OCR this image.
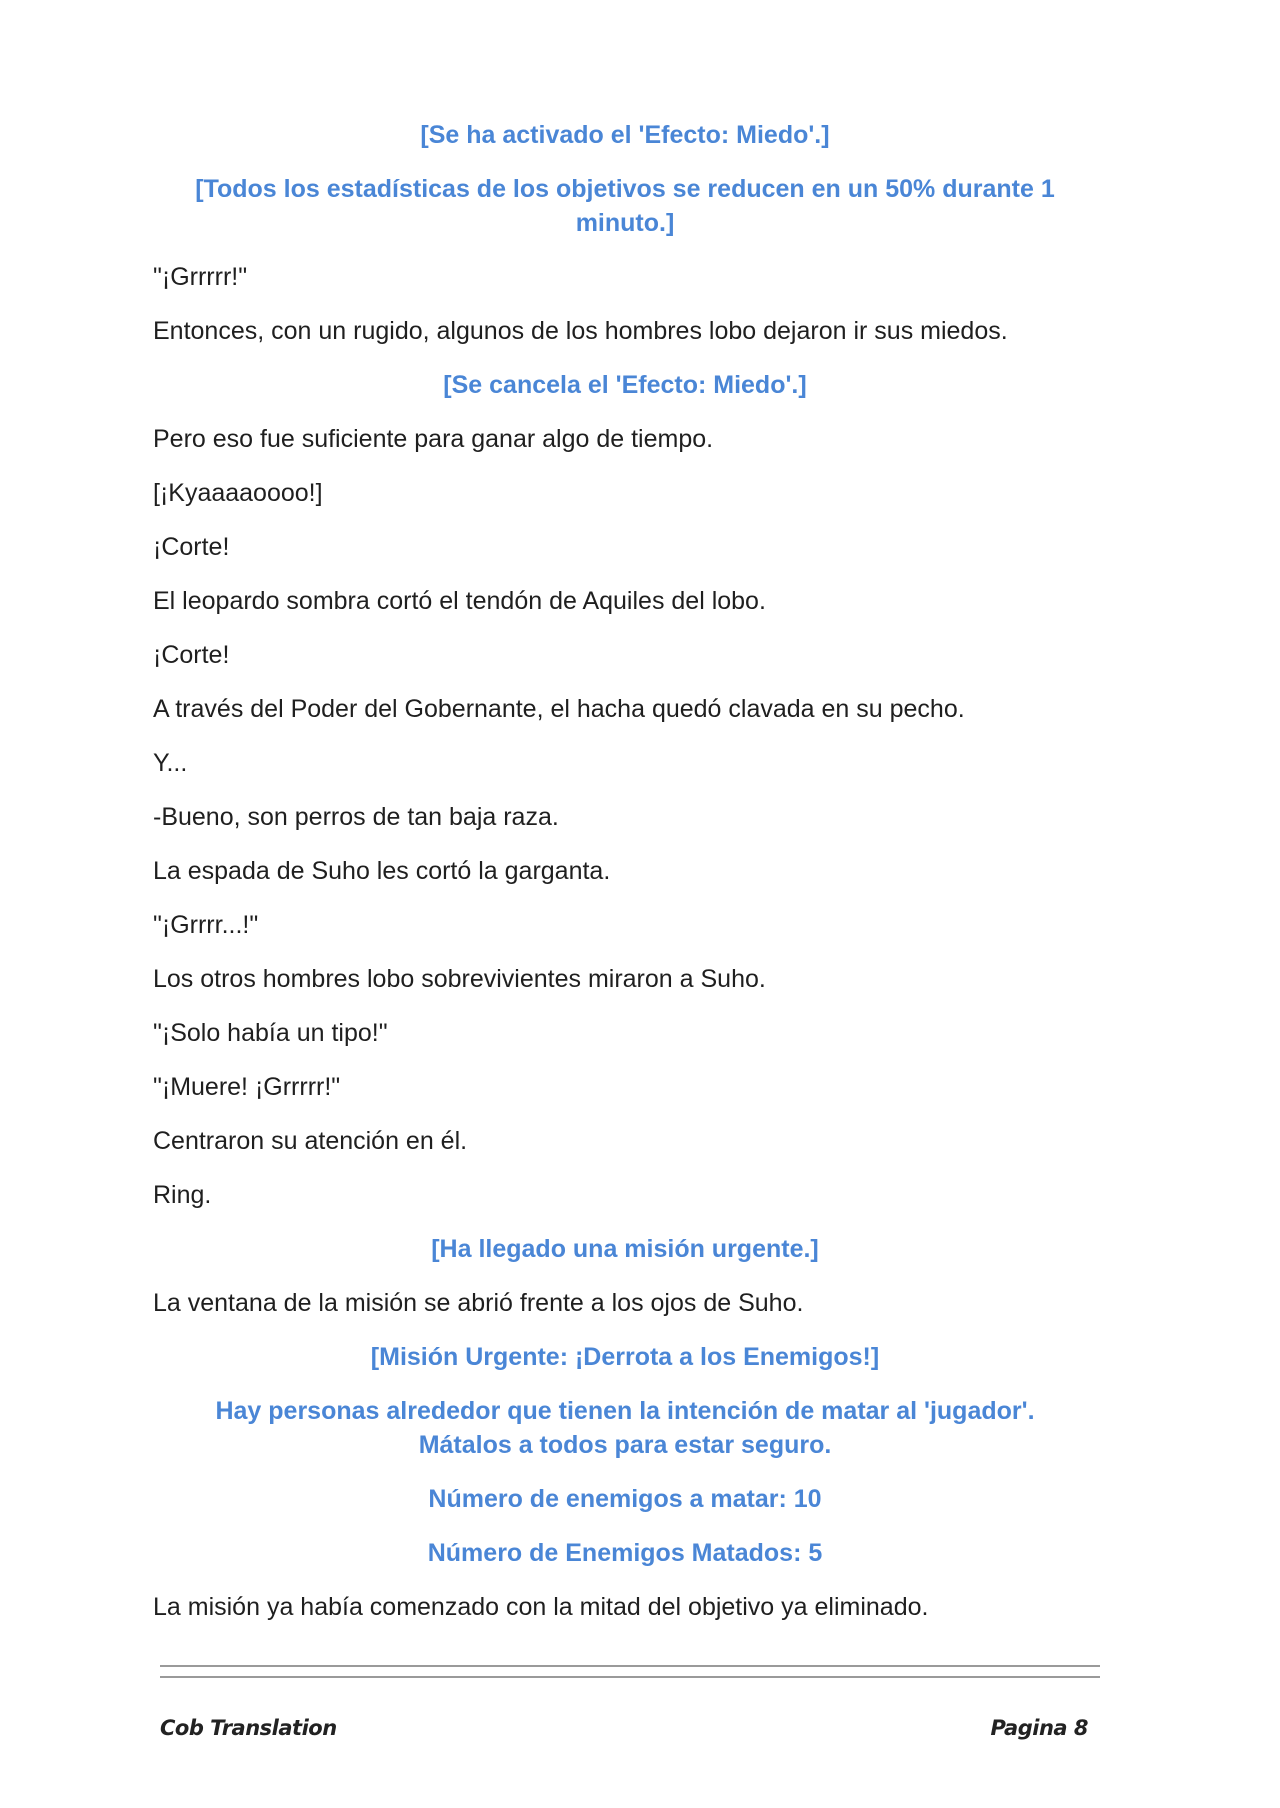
[Se ha activado el 'Efecto: Miedo'.]

[Todos los estadísticas de los objetivos se reducen en un 50% durante 1 minuto.]

"¡Grrrrr!"

Entonces, con un rugido, algunos de los hombres lobo dejaron ir sus miedos.

[Se cancela el 'Efecto: Miedo'.]

Pero eso fue suficiente para ganar algo de tiempo.

[¡Kyaaaaoooo!]

¡Corte!

El leopardo sombra cortó el tendón de Aquiles del lobo.

¡Corte!

A través del Poder del Gobernante, el hacha quedó clavada en su pecho.

Y...

-Bueno, son perros de tan baja raza.

La espada de Suho les cortó la garganta.

"¡Grrrr...!"

Los otros hombres lobo sobrevivientes miraron a Suho.

"¡Solo había un tipo!"

"¡Muere! ¡Grrrrr!"

Centraron su atención en él.

Ring.

[Ha llegado una misión urgente.]

La ventana de la misión se abrió frente a los ojos de Suho.

[Misión Urgente: ¡Derrota a los Enemigos!]

Hay personas alrededor que tienen la intención de matar al 'jugador'. Mátalos a todos para estar seguro.

Número de enemigos a matar: 10

Número de Enemigos Matados: 5

La misión ya había comenzado con la mitad del objetivo ya eliminado.

Cob Translation	Pagina 8
